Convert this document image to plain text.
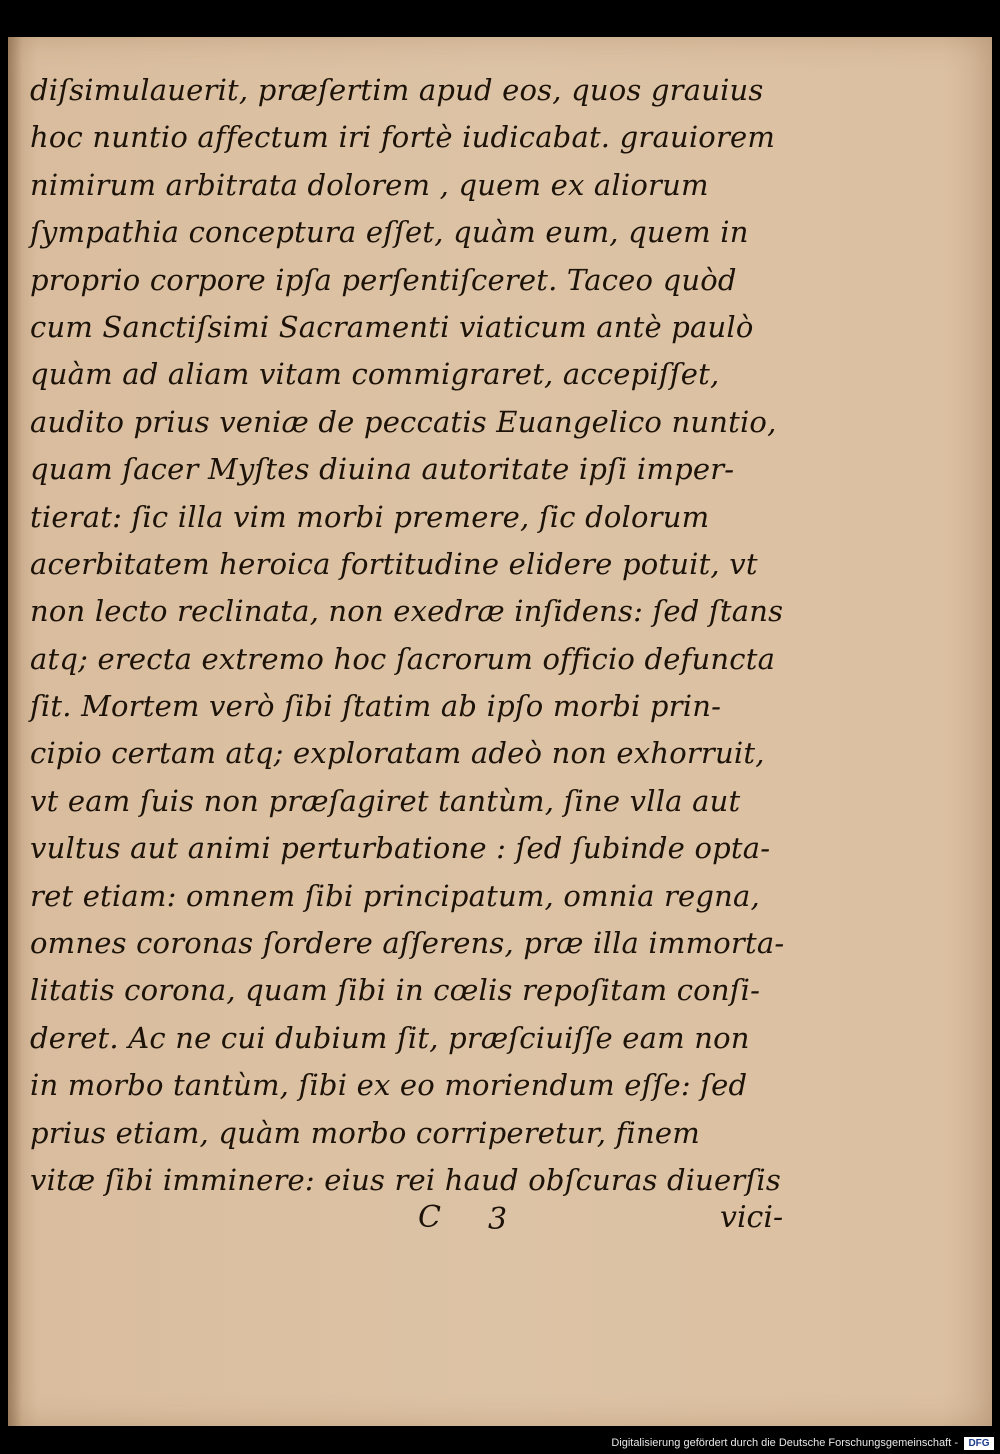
diſsimulauerit, præſertim apud eos, quos grauius
hoc nuntio affectum iri fortè iudicabat. grauiorem
nimirum arbitrata dolorem , quem ex aliorum
ſympathia conceptura eſſet, quàm eum, quem in
proprio corpore ipſa perſentiſceret. Taceo quòd
cum Sanctiſsimi Sacramenti viaticum antè paulò
quàm ad aliam vitam commigraret, accepiſſet,
audito prius veniæ de peccatis Euangelico nuntio,
quam ſacer Myſtes diuina autoritate ipſi imper-
tierat: ſic illa vim morbi premere, ſic dolorum
acerbitatem heroica fortitudine elidere potuit, vt
non lecto reclinata, non exedræ inſidens: ſed ſtans
atq; erecta extremo hoc ſacrorum officio defuncta
ſit. Mortem verò ſibi ſtatim ab ipſo morbi prin-
cipio certam atq; exploratam adeò non exhorruit,
vt eam ſuis non præſagiret tantùm, ſine vlla aut
vultus aut animi perturbatione : ſed ſubinde opta-
ret etiam: omnem ſibi principatum, omnia regna,
omnes coronas ſordere aſſerens, præ illa immorta-
litatis corona, quam ſibi in cœlis repoſitam conſi-
deret. Ac ne cui dubium ſit, præſciuiſſe eam non
in morbo tantùm, ſibi ex eo moriendum eſſe: ſed
prius etiam, quàm morbo corriperetur, finem
vitæ ſibi imminere: eius rei haud obſcuras diuerſis
C 3	vici-
Digitalisierung gefördert durch die Deutsche Forschungsgemeinschaft -	DFG
